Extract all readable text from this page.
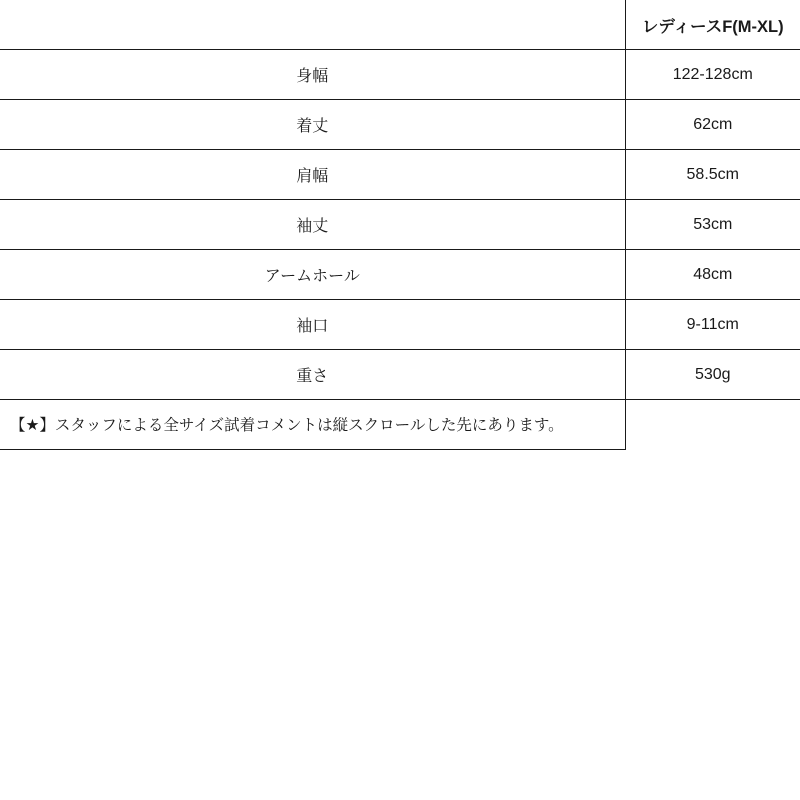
	レディースF(M-XL)
身幅	122-128cm
着丈	62cm
肩幅	58.5cm
袖丈	53cm
アームホール	48cm
袖口	9-11cm
重さ	530g
【★】スタッフによる全サイズ試着コメントは縦スクロールした先にあります。	
